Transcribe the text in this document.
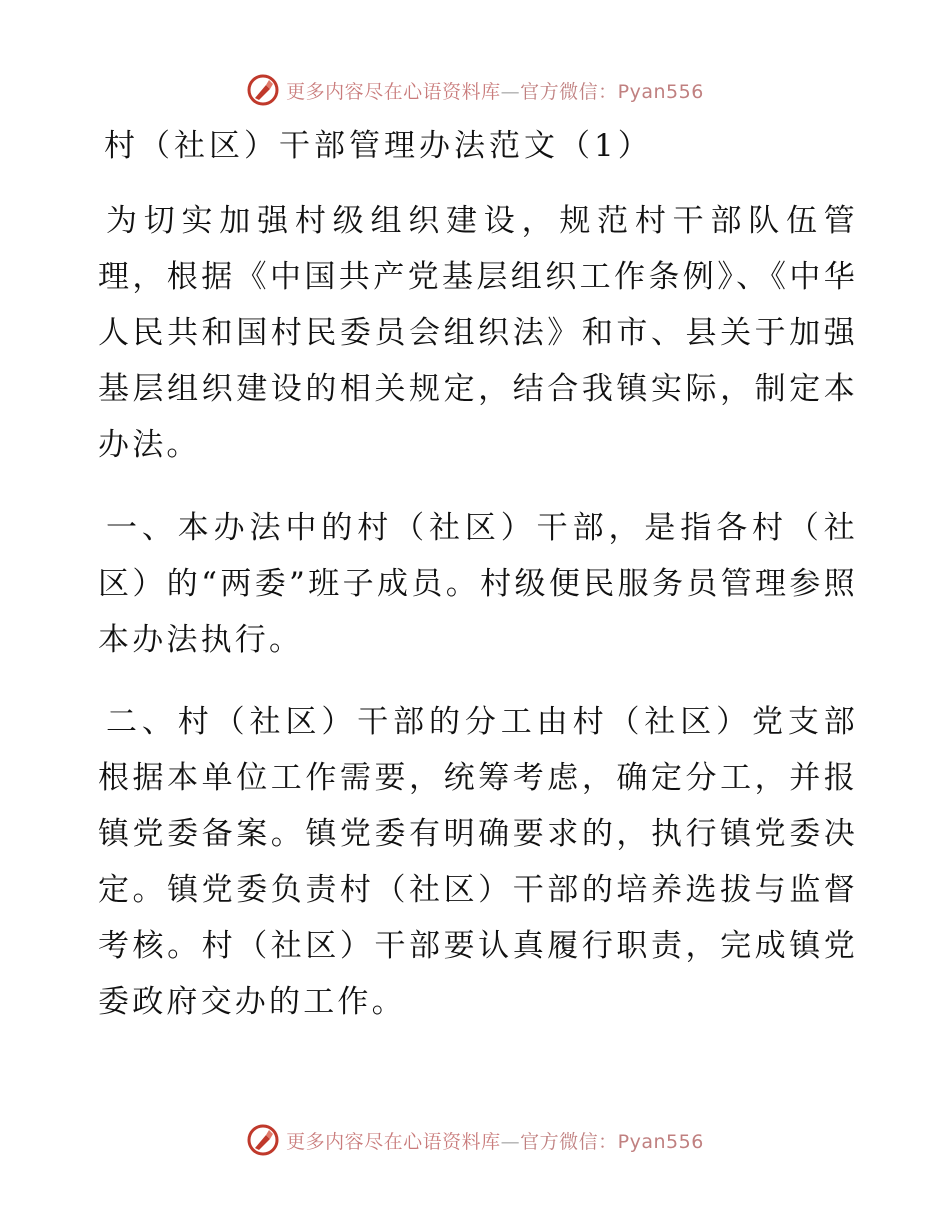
更多内容尽在心语资料库—官方微信：Pyan556
村（社区）干部管理办法范文（1）

为切实加强村级组织建设，规范村干部队伍管理，根据《中国共产党基层组织工作条例》、《中华人民共和国村民委员会组织法》和市、县关于加强基层组织建设的相关规定，结合我镇实际，制定本办法。

一、本办法中的村（社区）干部，是指各村（社区）的“两委”班子成员。村级便民服务员管理参照本办法执行。

二、村（社区）干部的分工由村（社区）党支部根据本单位工作需要，统筹考虑，确定分工，并报镇党委备案。镇党委有明确要求的，执行镇党委决定。镇党委负责村（社区）干部的培养选拔与监督考核。村（社区）干部要认真履行职责，完成镇党委政府交办的工作。

更多内容尽在心语资料库—官方微信：Pyan556
